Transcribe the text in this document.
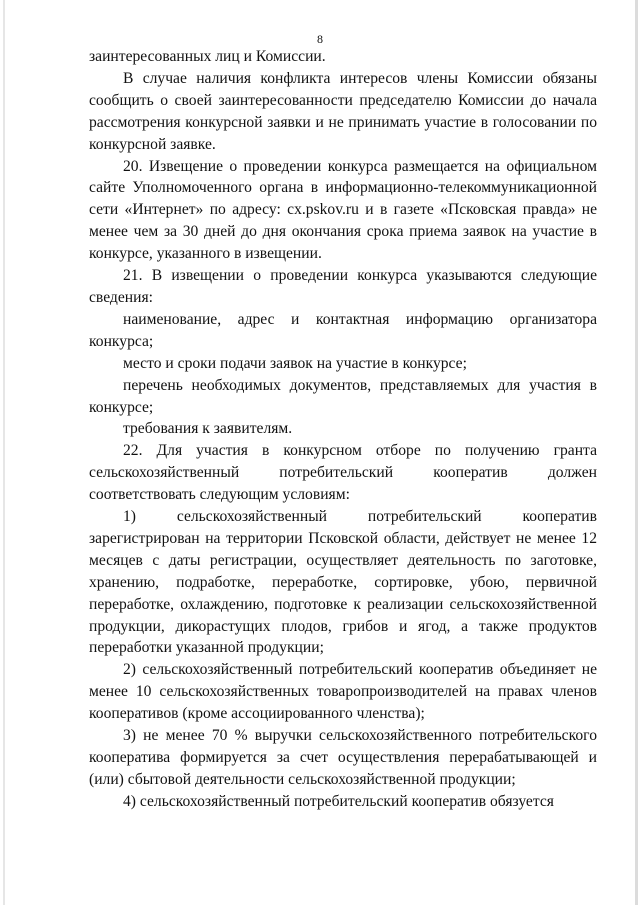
8

заинтересованных лиц и Комиссии.

В случае наличия конфликта интересов члены Комиссии обязаны сообщить о своей заинтересованности председателю Комиссии до начала рассмотрения конкурсной заявки и не принимать участие в голосовании по конкурсной заявке.

20. Извещение о проведении конкурса размещается на официальном сайте Уполномоченного органа в информационно-телекоммуникационной сети «Интернет» по адресу: cx.pskov.ru и в газете «Псковская правда» не менее чем за 30 дней до дня окончания срока приема заявок на участие в конкурсе, указанного в извещении.

21. В извещении о проведении конкурса указываются следующие сведения:

наименование, адрес и контактная информацию организатора конкурса;

место и сроки подачи заявок на участие в конкурсе;

перечень необходимых документов, представляемых для участия в конкурсе;

требования к заявителям.

22. Для участия в конкурсном отборе по получению гранта сельскохозяйственный потребительский кооператив должен соответствовать следующим условиям:

1) сельскохозяйственный потребительский кооператив зарегистрирован на территории Псковской области, действует не менее 12 месяцев с даты регистрации, осуществляет деятельность по заготовке, хранению, подработке, переработке, сортировке, убою, первичной переработке, охлаждению, подготовке к реализации сельскохозяйственной продукции, дикорастущих плодов, грибов и ягод, а также продуктов переработки указанной продукции;

2) сельскохозяйственный потребительский кооператив объединяет не менее 10 сельскохозяйственных товаропроизводителей на правах членов кооперативов (кроме ассоциированного членства);

3) не менее 70 % выручки сельскохозяйственного потребительского кооператива формируется за счет осуществления перерабатывающей и (или) сбытовой деятельности сельскохозяйственной продукции;

4) сельскохозяйственный потребительский кооператив обязуется
